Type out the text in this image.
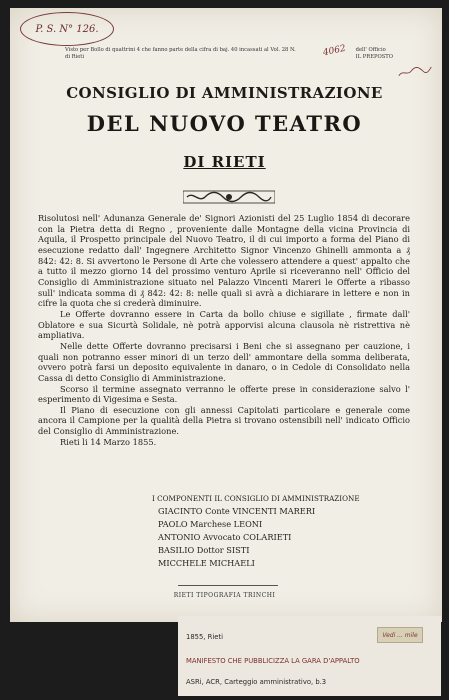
P. S. N° 126.
Visto per Bollo di quattrini 4 che fanno parte della cifra di baj. 40 incassati al Vol. 28 N.
di Rieti
dell' Officio
IL PREPOSTO
4062
CONSIGLIO DI AMMINISTRAZIONE
DEL NUOVO TEATRO
DI RIETI

Risolutosi nell' Adunanza Generale de' Signori Azionisti del 25 Luglio 1854 di decorare con la Pietra detta di Regno , proveniente dalle Montagne della vicina Provincia di Aquila, il Prospetto principale del Nuovo Teatro, il di cui importo a forma del Piano di esecuzione redatto dall' Ingegnere Architetto Signor Vincenzo Ghinelli ammonta a ₰ 842: 42: 8. Si avvertono le Persone di Arte che volessero attendere a quest' appalto che a tutto il mezzo giorno 14 del prossimo venturo Aprile si riceveranno nell' Officio del Consiglio di Amministrazione situato nel Palazzo Vincenti Mareri le Offerte a ribasso sull' indicata somma di ₰ 842: 42: 8: nelle quali si avrà a dichiarare in lettere e non in cifre la quota che si crederà diminuire.

Le Offerte dovranno essere in Carta da bollo chiuse e sigillate , firmate dall' Oblatore e sua Sicurtà Solidale, nè potrà apporvisi alcuna clausola nè ristrettiva nè ampliativa.

Nelle dette Offerte dovranno precisarsi i Beni che si assegnano per cauzione, i quali non potranno esser minori di un terzo dell' ammontare della somma deliberata, ovvero potrà farsi un deposito equivalente in danaro, o in Cedole di Consolidato nella Cassa di detto Consiglio di Amministrazione.

Scorso il termine assegnato verranno le offerte prese in considerazione salvo l' esperimento di Vigesima e Sesta.

Il Piano di esecuzione con gli annessi Capitolati particolare e generale come ancora il Campione per la qualità della Pietra si trovano ostensibili nell' indicato Officio del Consiglio di Amministrazione.

Rieti li 14 Marzo 1855.

I COMPONENTI IL CONSIGLIO DI AMMINISTRAZIONE
GIACINTO Conte VINCENTI MARERI
PAOLO Marchese LEONI
ANTONIO Avvocato COLARIETI
BASILIO Dottor SISTI
MICCHELE MICHAELI
RIETI TIPOGRAFIA TRINCHI
1855, Rieti
MANIFESTO CHE PUBBLICIZZA LA GARA D'APPALTO
ASRi, ACR, Carteggio amministrativo, b.3
Vedi ... mile
